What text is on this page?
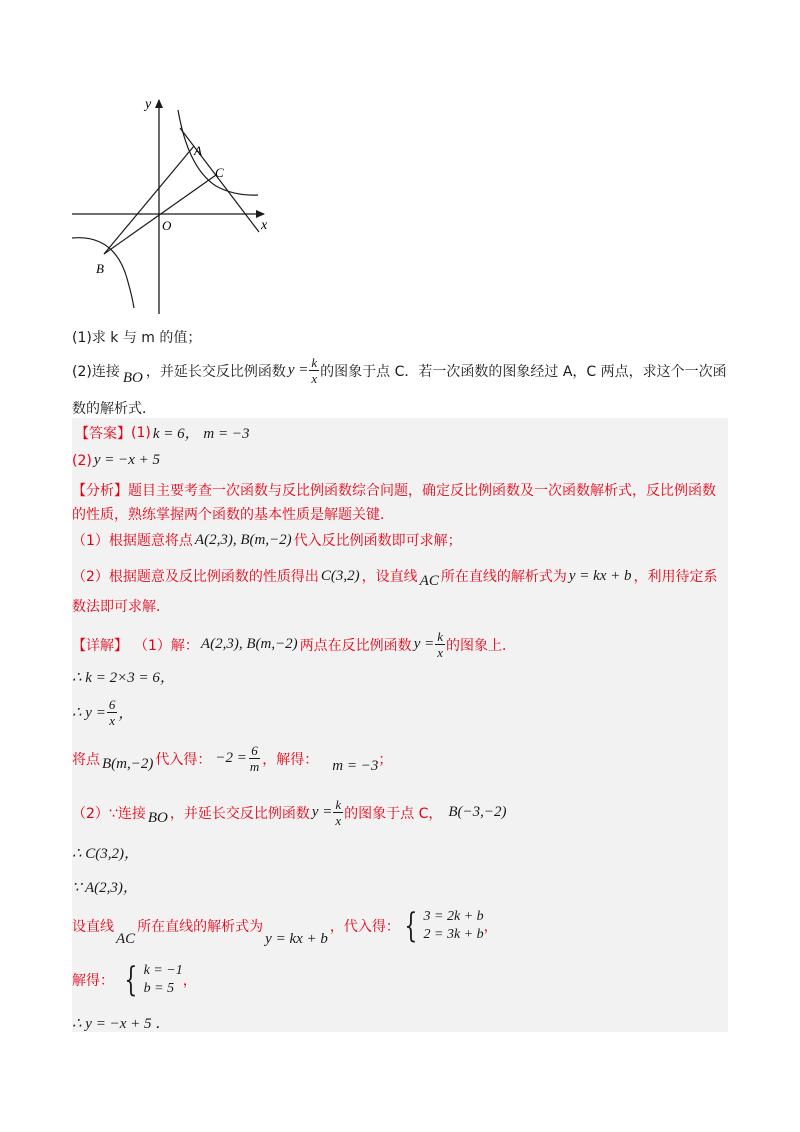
y
x
O
A
C
B
(1)求 k 与 m 的值；
(2)连接 BO ，并延长交反比例函数 $y = \frac{k}{x}$ 的图象于点 C．若一次函数的图象经过 A，C 两点，求这个一次函
数的解析式．
【答案】 (1) k = 6， m = −3
(2) y = −x + 5
【分析】题目主要考查一次函数与反比例函数综合问题，确定反比例函数及一次函数解析式，反比例函数
的性质，熟练掌握两个函数的基本性质是解题关键．
（1）根据题意将点 A(2,3), B(m,−2) 代入反比例函数即可求解；
（2）根据题意及反比例函数的性质得出 C(3,2) ，设直线 AC 所在直线的解析式为 y = kx + b ，利用待定系
数法即可求解．
【详解】 （1）解： A(2,3), B(m,−2) 两点在反比例函数 $y = \frac{k}{x}$ 的图象上．
∴ k = 2×3 = 6，
∴ $y = \frac{6}{x}$ ，
将点 B(m,−2) 代入得： $-2 = \frac{6}{m}$ ，解得： m = −3 ；
（2）∵连接 BO ，并延长交反比例函数 $y = \frac{k}{x}$ 的图象于点 C， B(−3,−2)
∴ C(3,2)，
∵ A(2,3)，
设直线
AC
所在直线的解析式为
y = kx + b
，代入得： { 3 = 2k + b
2 = 3k + b ，
解得： { k = −1
b = 5 ，
∴ y = −x + 5 ．
